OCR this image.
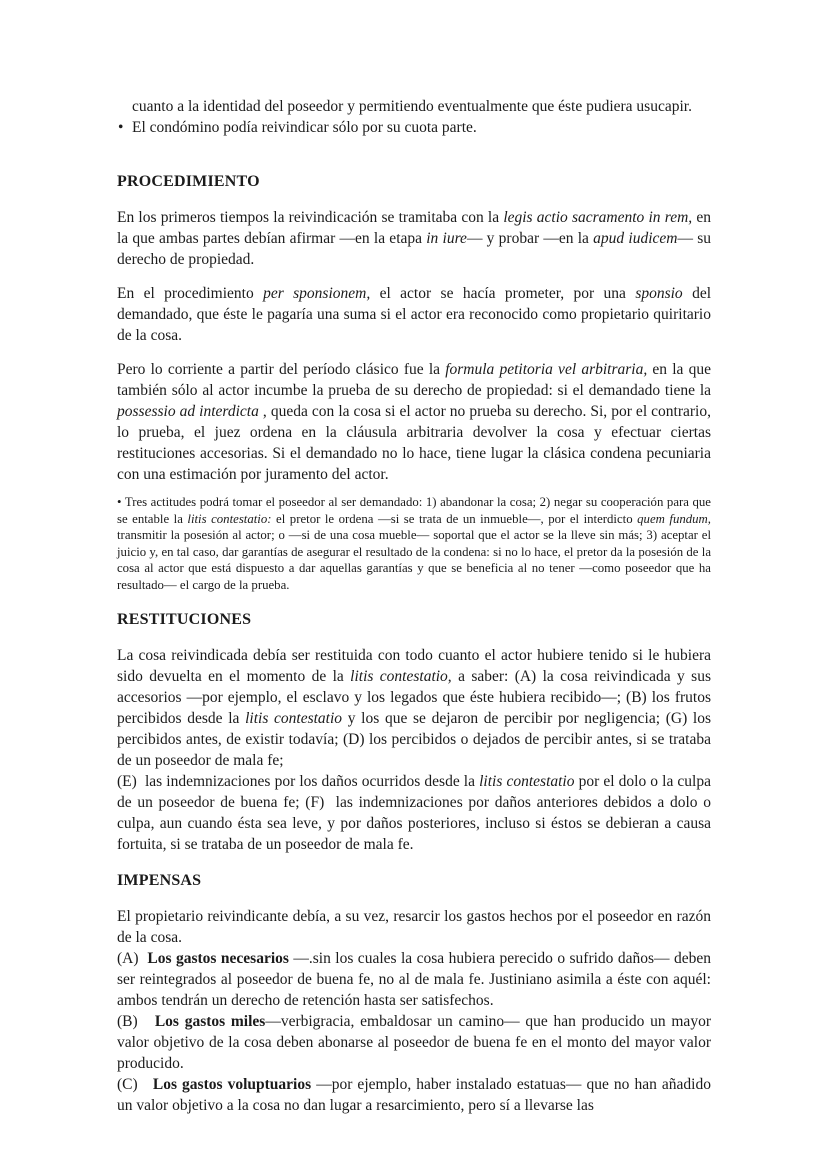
cuanto a la identidad del poseedor y permitiendo eventualmente que éste pudiera usucapir.

• El condómino podía reivindicar sólo por su cuota parte.

PROCEDIMIENTO

En los primeros tiempos la reivindicación se tramitaba con la legis actio sacramento in rem, en la que ambas partes debían afirmar —en la etapa in iure— y probar —en la apud iudicem— su derecho de propiedad.

En el procedimiento per sponsionem, el actor se hacía prometer, por una sponsio del demandado, que éste le pagaría una suma si el actor era reconocido como propietario quiritario de la cosa.

Pero lo corriente a partir del período clásico fue la formula petitoria vel arbitraria, en la que también sólo al actor incumbe la prueba de su derecho de propiedad: si el demandado tiene la possessio ad interdicta , queda con la cosa si el actor no prueba su derecho. Si, por el contrario, lo prueba, el juez ordena en la cláusula arbitraria devolver la cosa y efectuar ciertas restituciones accesorias. Si el demandado no lo hace, tiene lugar la clásica condena pecuniaria con una estimación por juramento del actor.

• Tres actitudes podrá tomar el poseedor al ser demandado: 1) abandonar la cosa; 2) negar su cooperación para que se entable la litis contestatio: el pretor le ordena —si se trata de un inmueble—, por el interdicto quem fundum, transmitir la posesión al actor; o —si de una cosa mueble— soportal que el actor se la lleve sin más; 3) aceptar el juicio y, en tal caso, dar garantías de asegurar el resultado de la condena: si no lo hace, el pretor da la posesión de la cosa al actor que está dispuesto a dar aquellas garantías y que se beneficia al no tener —como poseedor que ha resultado— el cargo de la prueba.

RESTITUCIONES

La cosa reivindicada debía ser restituida con todo cuanto el actor hubiere tenido si le hubiera sido devuelta en el momento de la litis contestatio, a saber: (A) la cosa reivindicada y sus accesorios —por ejemplo, el esclavo y los legados que éste hubiera recibido—; (B) los frutos percibidos desde la litis contestatio y los que se dejaron de percibir por negligencia; (G) los percibidos antes, de existir todavía; (D) los percibidos o dejados de percibir antes, si se trataba de un poseedor de mala fe;

(E)  las indemnizaciones por los daños ocurridos desde la litis contestatio por el dolo o la culpa de un poseedor de buena fe; (F)  las indemnizaciones por daños anteriores debidos a dolo o culpa, aun cuando ésta sea leve, y por daños posteriores, incluso si éstos se debieran a causa fortuita, si se trataba de un poseedor de mala fe.

IMPENSAS

El propietario reivindicante debía, a su vez, resarcir los gastos hechos por el poseedor en razón de la cosa.

(A)  Los gastos necesarios —.sin los cuales la cosa hubiera perecido o sufrido daños— deben ser reintegrados al poseedor de buena fe, no al de mala fe. Justiniano asimila a éste con aquél: ambos tendrán un derecho de retención hasta ser satisfechos.

(B)   Los gastos miles—verbigracia, embaldosar un camino— que han producido un mayor valor objetivo de la cosa deben abonarse al poseedor de buena fe en el monto del mayor valor producido.

(C)   Los gastos voluptuarios —por ejemplo, haber instalado estatuas— que no han añadido un valor objetivo a la cosa no dan lugar a resarcimiento, pero sí a llevarse las
